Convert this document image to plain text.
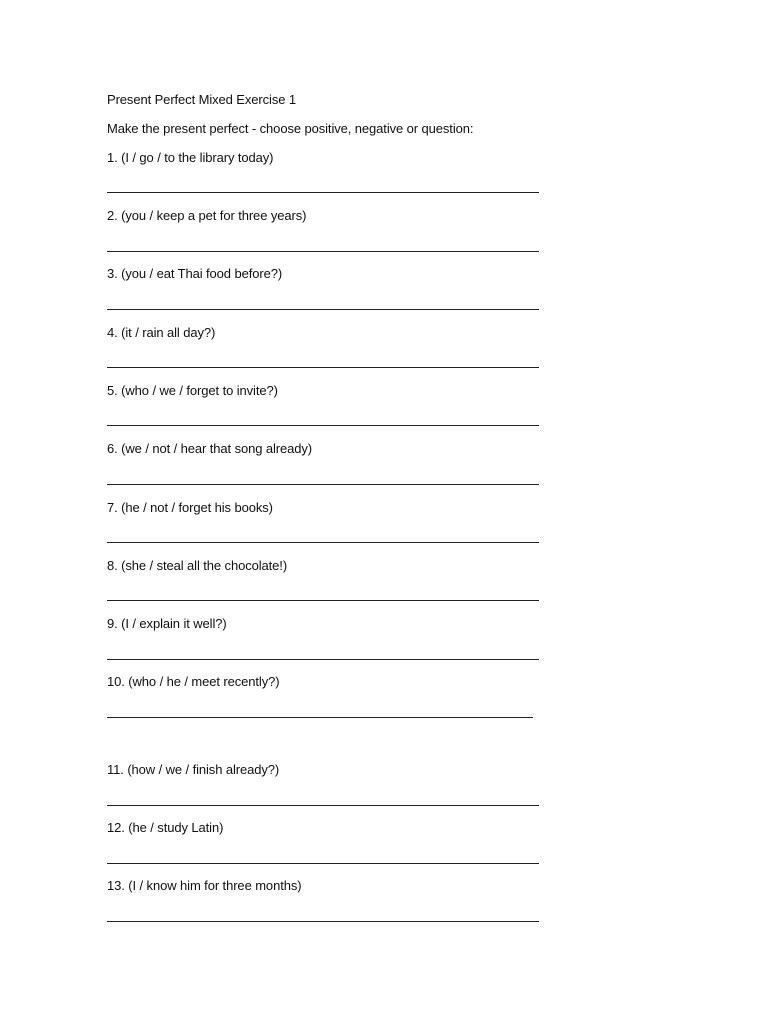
Present Perfect Mixed Exercise 1
Make the present perfect - choose positive, negative or question:
1. (I / go / to the library today)
2. (you / keep a pet for three years)
3. (you / eat Thai food before?)
4. (it / rain all day?)
5. (who / we / forget to invite?)
6. (we / not / hear that song already)
7. (he / not / forget his books)
8. (she / steal all the chocolate!)
9. (I / explain it well?)
10. (who / he / meet recently?)
11. (how / we / finish already?)
12. (he / study Latin)
13. (I / know him for three months)
